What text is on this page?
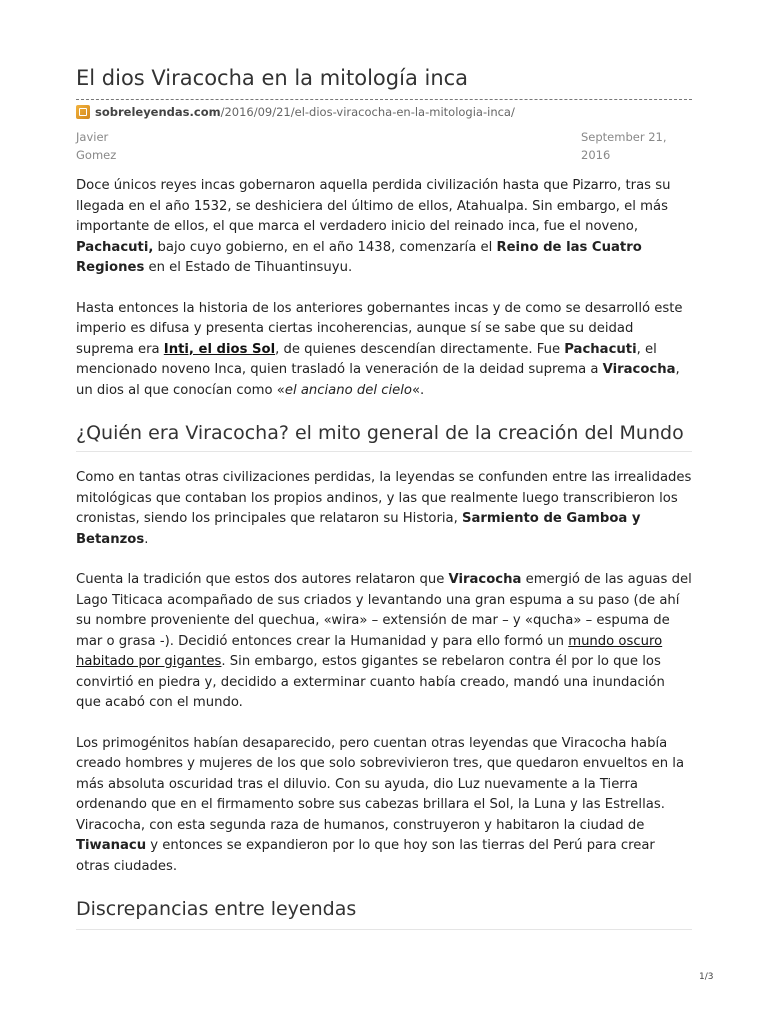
El dios Viracocha en la mitología inca
sobreleyendas.com /2016/09/21/el-dios-viracocha-en-la-mitologia-inca/
Javier Gomez
September 21, 2016

Doce únicos reyes incas gobernaron aquella perdida civilización hasta que Pizarro, tras su llegada en el año 1532, se deshiciera del último de ellos, Atahualpa. Sin embargo, el más importante de ellos, el que marca el verdadero inicio del reinado inca, fue el noveno, Pachacuti, bajo cuyo gobierno, en el año 1438, comenzaría el Reino de las Cuatro Regiones en el Estado de Tihuantinsuyu.

Hasta entonces la historia de los anteriores gobernantes incas y de como se desarrolló este imperio es difusa y presenta ciertas incoherencias, aunque sí se sabe que su deidad suprema era Inti, el dios Sol, de quienes descendían directamente. Fue Pachacuti, el mencionado noveno Inca, quien trasladó la veneración de la deidad suprema a Viracocha, un dios al que conocían como «el anciano del cielo«.

¿Quién era Viracocha? el mito general de la creación del Mundo

Como en tantas otras civilizaciones perdidas, la leyendas se confunden entre las irrealidades mitológicas que contaban los propios andinos, y las que realmente luego transcribieron los cronistas, siendo los principales que relataron su Historia, Sarmiento de Gamboa y Betanzos.

Cuenta la tradición que estos dos autores relataron que Viracocha emergió de las aguas del Lago Titicaca acompañado de sus criados y levantando una gran espuma a su paso (de ahí su nombre proveniente del quechua, «wira» – extensión de mar – y «qucha» – espuma de mar o grasa -). Decidió entonces crear la Humanidad y para ello formó un mundo oscuro habitado por gigantes. Sin embargo, estos gigantes se rebelaron contra él por lo que los convirtió en piedra y, decidido a exterminar cuanto había creado, mandó una inundación que acabó con el mundo.

Los primogénitos habían desaparecido, pero cuentan otras leyendas que Viracocha había creado hombres y mujeres de los que solo sobrevivieron tres, que quedaron envueltos en la más absoluta oscuridad tras el diluvio. Con su ayuda, dio Luz nuevamente a la Tierra ordenando que en el firmamento sobre sus cabezas brillara el Sol, la Luna y las Estrellas. Viracocha, con esta segunda raza de humanos, construyeron y habitaron la ciudad de Tiwanacu y entonces se expandieron por lo que hoy son las tierras del Perú para crear otras ciudades.

Discrepancias entre leyendas
1/3
